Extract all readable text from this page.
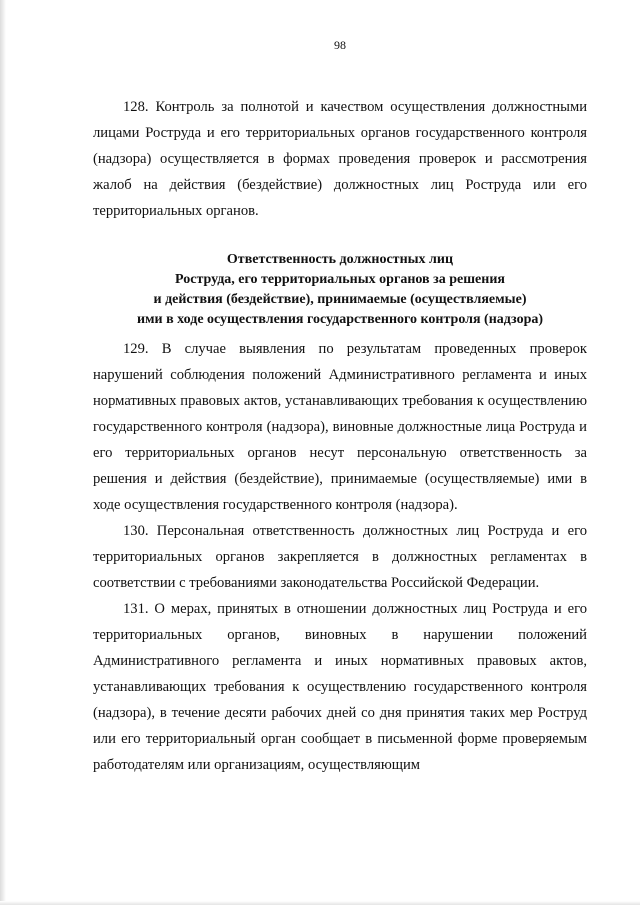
98

128. Контроль за полнотой и качеством осуществления должностными лицами Роструда и его территориальных органов государственного контроля (надзора) осуществляется в формах проведения проверок и рассмотрения жалоб на действия (бездействие) должностных лиц Роструда или его территориальных органов.

Ответственность должностных лиц
Роструда, его территориальных органов за решения
и действия (бездействие), принимаемые (осуществляемые)
ими в ходе осуществления государственного контроля (надзора)

129. В случае выявления по результатам проведенных проверок нарушений соблюдения положений Административного регламента и иных нормативных правовых актов, устанавливающих требования к осуществлению государственного контроля (надзора), виновные должностные лица Роструда и его территориальных органов несут персональную ответственность за решения и действия (бездействие), принимаемые (осуществляемые) ими в ходе осуществления государственного контроля (надзора).

130. Персональная ответственность должностных лиц Роструда и его территориальных органов закрепляется в должностных регламентах в соответствии с требованиями законодательства Российской Федерации.

131. О мерах, принятых в отношении должностных лиц Роструда и его территориальных органов, виновных в нарушении положений Административного регламента и иных нормативных правовых актов, устанавливающих требования к осуществлению государственного контроля (надзора), в течение десяти рабочих дней со дня принятия таких мер Роструд или его территориальный орган сообщает в письменной форме проверяемым работодателям или организациям, осуществляющим
